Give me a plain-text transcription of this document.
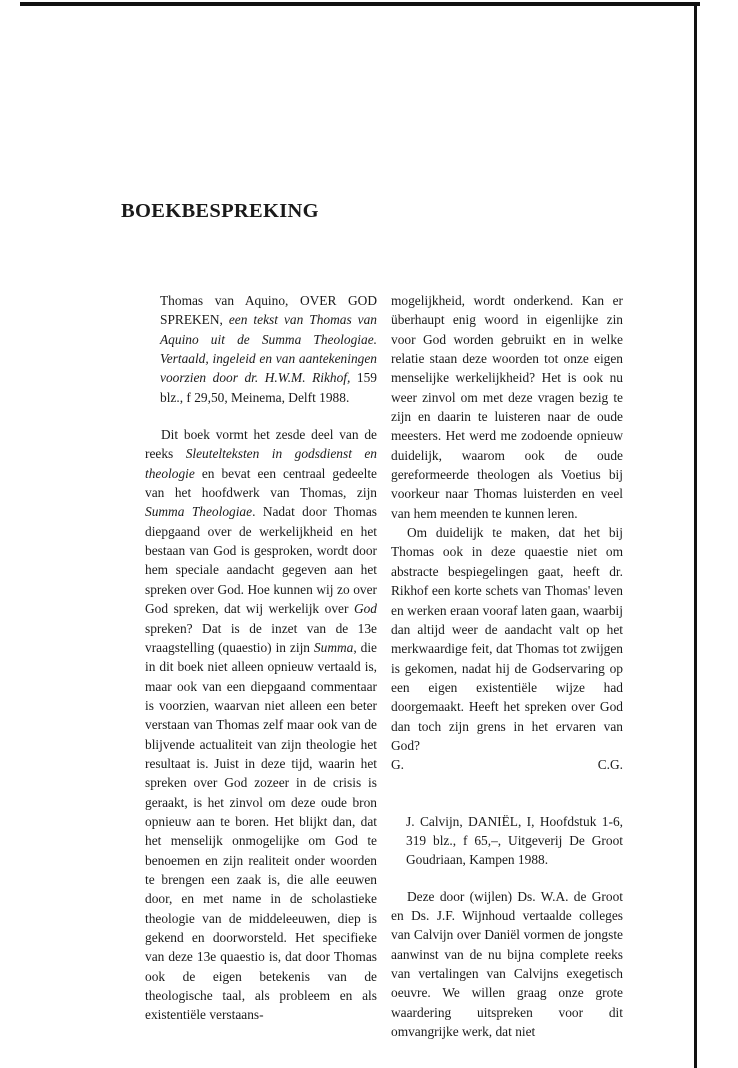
BOEKBESPREKING

Thomas van Aquino, OVER GOD SPREKEN, een tekst van Thomas van Aquino uit de Summa Theologiae. Vertaald, ingeleid en van aantekeningen voorzien door dr. H.W.M. Rikhof, 159 blz., f 29,50, Meinema, Delft 1988.

Dit boek vormt het zesde deel van de reeks Sleutelteksten in godsdienst en theologie en bevat een centraal gedeelte van het hoofdwerk van Thomas, zijn Summa Theologiae. Nadat door Thomas diepgaand over de werkelijkheid en het bestaan van God is gesproken, wordt door hem speciale aandacht gegeven aan het spreken over God. Hoe kunnen wij zo over God spreken, dat wij werkelijk over God spreken? Dat is de inzet van de 13e vraagstelling (quaestio) in zijn Summa, die in dit boek niet alleen opnieuw vertaald is, maar ook van een diepgaand commentaar is voorzien, waarvan niet alleen een beter verstaan van Thomas zelf maar ook van de blijvende actualiteit van zijn theologie het resultaat is. Juist in deze tijd, waarin het spreken over God zozeer in de crisis is geraakt, is het zinvol om deze oude bron opnieuw aan te boren. Het blijkt dan, dat het menselijk onmogelijke om God te benoemen en zijn realiteit onder woorden te brengen een zaak is, die alle eeuwen door, en met name in de scholastieke theologie van de middeleeuwen, diep is gekend en doorworsteld. Het specifieke van deze 13e quaestio is, dat door Thomas ook de eigen betekenis van de theologische taal, als probleem en als existentiële verstaans-

mogelijkheid, wordt onderkend. Kan er überhaupt enig woord in eigenlijke zin voor God worden gebruikt en in welke relatie staan deze woorden tot onze eigen menselijke werkelijkheid? Het is ook nu weer zinvol om met deze vragen bezig te zijn en daarin te luisteren naar de oude meesters. Het werd me zodoende opnieuw duidelijk, waarom ook de oude gereformeerde theologen als Voetius bij voorkeur naar Thomas luisterden en veel van hem meenden te kunnen leren.

Om duidelijk te maken, dat het bij Thomas ook in deze quaestie niet om abstracte bespiegelingen gaat, heeft dr. Rikhof een korte schets van Thomas' leven en werken eraan vooraf laten gaan, waarbij dan altijd weer de aandacht valt op het merkwaardige feit, dat Thomas tot zwijgen is gekomen, nadat hij de Godservaring op een eigen existentiële wijze had doorgemaakt. Heeft het spreken over God dan toch zijn grens in het ervaren van God?

G.	C.G.

J. Calvijn, DANIËL, I, Hoofdstuk 1-6, 319 blz., f 65,–, Uitgeverij De Groot Goudriaan, Kampen 1988.

Deze door (wijlen) Ds. W.A. de Groot en Ds. J.F. Wijnhoud vertaalde colleges van Calvijn over Daniël vormen de jongste aanwinst van de nu bijna complete reeks van vertalingen van Calvijns exegetisch oeuvre. We willen graag onze grote waardering uitspreken voor dit omvangrijke werk, dat niet
